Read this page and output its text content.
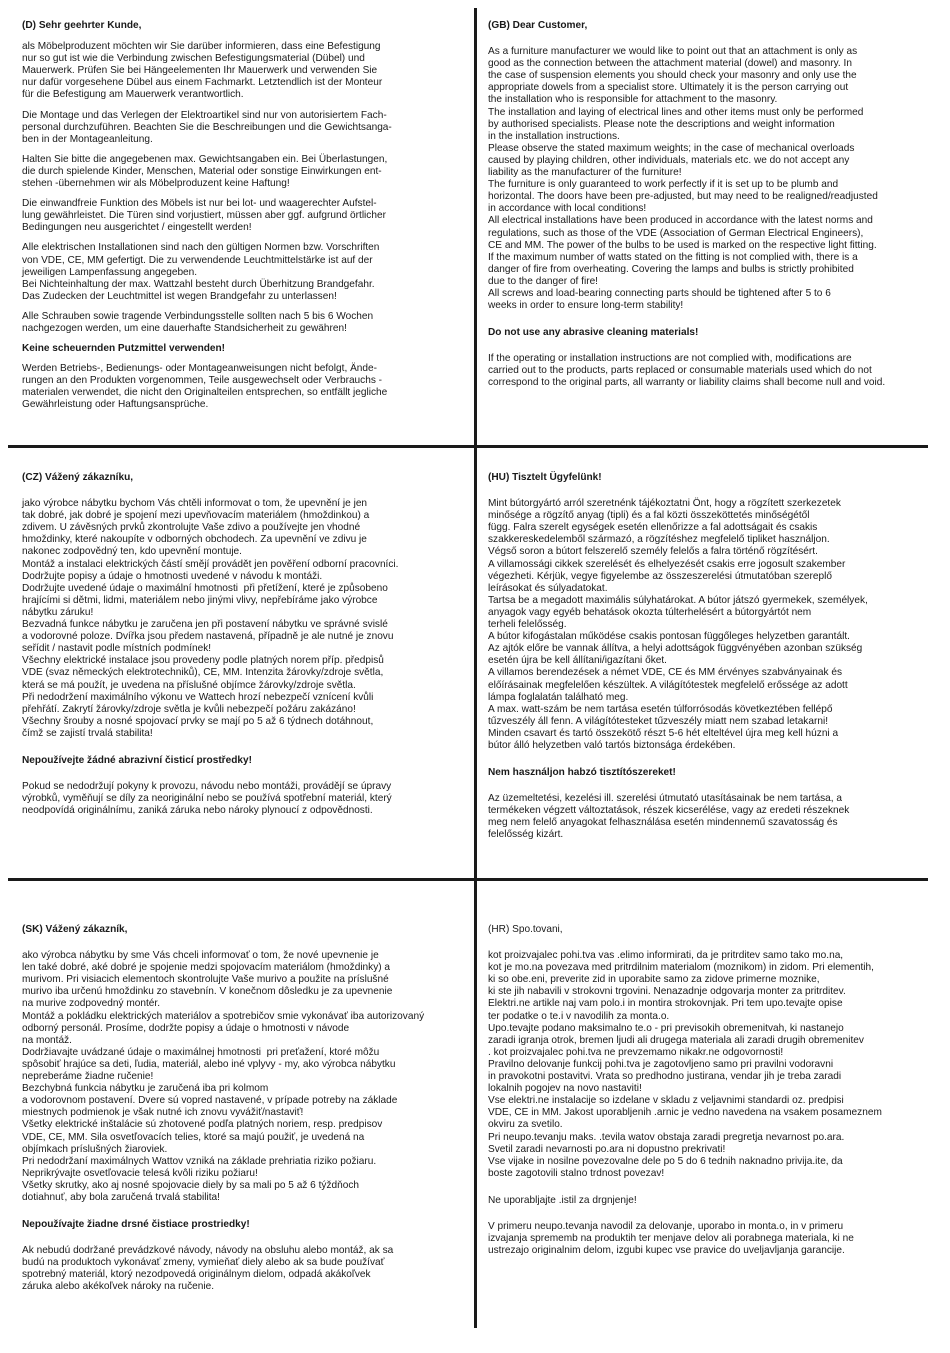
(D) Sehr geehrter Kunde,
als Möbelproduzent möchten wir Sie darüber informieren, dass eine Befestigung
nur so gut ist wie die Verbindung zwischen Befestigungsmaterial (Dübel) und
Mauerwerk. Prüfen Sie bei Hängeelementen Ihr Mauerwerk und verwenden Sie
nur dafür vorgesehene Dübel aus einem Fachmarkt. Letztendlich ist der Monteur
für die Befestigung am Mauerwerk verantwortlich.
Die Montage und das Verlegen der Elektroartikel sind nur von autorisiertem Fach-
personal durchzuführen. Beachten Sie die Beschreibungen und die Gewichtsanga-
ben in der Montageanleitung.
Halten Sie bitte die angegebenen max. Gewichtsangaben ein. Bei Überlastungen,
die durch spielende Kinder, Menschen, Material oder sonstige Einwirkungen ent-
stehen -übernehmen wir als Möbelproduzent keine Haftung!
Die einwandfreie Funktion des Möbels ist nur bei lot- und waagerechter Aufstel-
lung gewährleistet. Die Türen sind vorjustiert, müssen aber ggf. aufgrund örtlicher
Bedingungen neu ausgerichtet / eingestellt werden!
Alle elektrischen Installationen sind nach den gültigen Normen bzw. Vorschriften
von VDE, CE, MM gefertigt. Die zu verwendende Leuchtmittelstärke ist auf der
jeweiligen Lampenfassung angegeben.
Bei Nichteinhaltung der max. Wattzahl besteht durch Überhitzung Brandgefahr.
Das Zudecken der Leuchtmittel ist wegen Brandgefahr zu unterlassen!
Alle Schrauben sowie tragende Verbindungsstelle sollten nach 5 bis 6 Wochen
nachgezogen werden, um eine dauerhafte Standsicherheit zu gewähren!
Keine scheuernden Putzmittel verwenden!
Werden Betriebs-, Bedienungs- oder Montageanweisungen nicht befolgt, Ände-
rungen an den Produkten vorgenommen, Teile ausgewechselt oder Verbrauchs -
materialen verwendet, die nicht den Originalteilen entsprechen, so entfällt jegliche
Gewährleistung oder Haftungsansprüche.
(GB) Dear Customer,
As a furniture manufacturer we would like to point out that an attachment is only as
good as the connection between the attachment material (dowel) and masonry. In
the case of suspension elements you should check your masonry and only use the
appropriate dowels from a specialist store. Ultimately it is the person carrying out
the installation who is responsible for attachment to the masonry.
The installation and laying of electrical lines and other items must only be performed
by authorised specialists. Please note the descriptions and weight information
in the installation instructions.
Please observe the stated maximum weights; in the case of mechanical overloads
caused by playing children, other individuals, materials etc. we do not accept any
liability as the manufacturer of the furniture!
The furniture is only guaranteed to work perfectly if it is set up to be plumb and
horizontal. The doors have been pre-adjusted, but may need to be realigned/readjusted
in accordance with local conditions!
All electrical installations have been produced in accordance with the latest norms and
regulations, such as those of the VDE (Association of German Electrical Engineers),
CE and MM. The power of the bulbs to be used is marked on the respective light fitting.
If the maximum number of watts stated on the fitting is not complied with, there is a
danger of fire from overheating. Covering the lamps and bulbs is strictly prohibited
due to the danger of fire!
All screws and load-bearing connecting parts should be tightened after 5 to 6
weeks in order to ensure long-term stability!
Do not use any abrasive cleaning materials!
If the operating or installation instructions are not complied with, modifications are
carried out to the products, parts replaced or consumable materials used which do not
correspond to the original parts, all warranty or liability claims shall become null and void.
(CZ) Vážený zákazníku,
jako výrobce nábytku bychom Vás chtěli informovat o tom, že upevnění je jen
tak dobré, jak dobré je spojení mezi upevňovacím materiálem (hmoždinkou) a
zdivem. U závěsných prvků zkontrolujte Vaše zdivo a používejte jen vhodné
hmoždinky, které nakoupíte v odborných obchodech. Za upevnění ve zdivu je
nakonec zodpovědný ten, kdo upevnění montuje.
Montáž a instalaci elektrických částí smějí provádět jen pověření odborní pracovníci.
Dodržujte popisy a údaje o hmotnosti uvedené v návodu k montáži.
Dodržujte uvedené údaje o maximální hmotnosti  při přetížení, které je způsobeno
hrajícími si dětmi, lidmi, materiálem nebo jinými vlivy, nepřebíráme jako výrobce
nábytku záruku!
Bezvadná funkce nábytku je zaručena jen při postavení nábytku ve správné svislé
a vodorovné poloze. Dvířka jsou předem nastavená, případně je ale nutné je znovu
seřídit / nastavit podle místních podmínek!
Všechny elektrické instalace jsou provedeny podle platných norem příp. předpisů
VDE (svaz německých elektrotechniků), CE, MM. Intenzita žárovky/zdroje světla,
která se má použít, je uvedena na příslušné objímce žárovky/zdroje světla.
Při nedodržení maximálního výkonu ve Wattech hrozí nebezpečí vznícení kvůli
přehřátí. Zakrytí žárovky/zdroje světla je kvůli nebezpečí požáru zakázáno!
Všechny šrouby a nosné spojovací prvky se mají po 5 až 6 týdnech dotáhnout,
čímž se zajistí trvalá stabilita!
Nepoužívejte žádné abrazivní čisticí prostředky!
Pokud se nedodržují pokyny k provozu, návodu nebo montáži, provádějí se úpravy
výrobků, vyměňují se díly za neoriginální nebo se používá spotřební materiál, který
neodpovídá originálnímu, zaniká záruka nebo nároky plynoucí z odpovědnosti.
(HU) Tisztelt Ügyfelünk!
Mint bútorgyártó arról szeretnénk tájékoztatni Önt, hogy a rögzített szerkezetek
minősége a rögzítő anyag (tipli) és a fal közti összeköttetés minőségétől
függ. Falra szerelt egységek esetén ellenőrizze a fal adottságait és csakis
szakkereskedelemből származó, a rögzítéshez megfelelő tipliket használjon.
Végső soron a bútort felszerelő személy felelős a falra történő rögzítésért.
A villamossági cikkek szerelését és elhelyezését csakis erre jogosult szakember
végezheti. Kérjük, vegye figyelembe az összeszerelési útmutatóban szereplő
leírásokat és súlyadatokat.
Tartsa be a megadott maximális súlyhatárokat. A bútor játszó gyermekek, személyek,
anyagok vagy egyéb behatások okozta túlterhelésért a bútorgyártót nem
terheli felelősség.
A bútor kifogástalan működése csakis pontosan függőleges helyzetben garantált.
Az ajtók előre be vannak állítva, a helyi adottságok függvényében azonban szükség
esetén újra be kell állítani/igazítani őket.
A villamos berendezések a német VDE, CE és MM érvényes szabványainak és
előírásainak megfelelően készültek. A világítótestek megfelelő erőssége az adott
lámpa foglalatán található meg.
A max. watt-szám be nem tartása esetén túlforrósodás következtében fellépő
tűzveszély áll fenn. A világítótesteket tűzveszély miatt nem szabad letakarni!
Minden csavart és tartó összekötő részt 5-6 hét elteltével újra meg kell húzni a
bútor álló helyzetben való tartós biztonsága érdekében.
Nem használjon habzó tisztítószereket!
Az üzemeltetési, kezelési ill. szerelési útmutató utasításainak be nem tartása, a
termékeken végzett változtatások, részek kicserélése, vagy az eredeti részeknek
meg nem felelő anyagokat felhasználása esetén mindennemű szavatosság és
felelősség kizárt.
(SK) Vážený zákazník,
ako výrobca nábytku by sme Vás chceli informovať o tom, že nové upevnenie je
len také dobré, aké dobré je spojenie medzi spojovacím materiálom (hmoždinky) a
murivom. Pri visiacich elementoch skontrolujte Vaše murivo a použite na príslušné
murivo iba určenú hmoždinku zo stavebnín. V konečnom dôsledku je za upevnenie
na murive zodpovedný montér.
Montáž a pokládku elektrických materiálov a spotrebičov smie vykonávať iba autorizovaný
odborný personál. Prosíme, dodržte popisy a údaje o hmotnosti v návode
na montáž.
Dodržiavajte uvádzané údaje o maximálnej hmotnosti  pri preťažení, ktoré môžu
spôsobiť hrajúce sa deti, ľudia, materiál, alebo iné vplyvy - my, ako výrobca nábytku
nepreberáme žiadne ručenie!
Bezchybná funkcia nábytku je zaručená iba pri kolmom
a vodorovnom postavení. Dvere sú vopred nastavené, v prípade potreby na základe
miestnych podmienok je však nutné ich znovu vyvážiť/nastaviť!
Všetky elektrické inštalácie sú zhotovené podľa platných noriem, resp. predpisov
VDE, CE, MM. Sila osvetľovacích telies, ktoré sa majú použiť, je uvedená na
objímkach príslušných žiaroviek.
Pri nedodržaní maximálnych Wattov vzniká na základe prehriatia riziko požiaru.
Neprikrývajte osvetľovacie telesá kvôli riziku požiaru!
Všetky skrutky, ako aj nosné spojovacie diely by sa mali po 5 až 6 týždňoch
dotiahnuť, aby bola zaručená trvalá stabilita!
Nepoužívajte žiadne drsné čistiace prostriedky!
Ak nebudú dodržané prevádzkové návody, návody na obsluhu alebo montáž, ak sa
budú na produktoch vykonávať zmeny, vymieňať diely alebo ak sa bude používať
spotrebný materiál, ktorý nezodpovedá originálnym dielom, odpadá akákoľvek
záruka alebo akékoľvek nároky na ručenie.
(HR) Spo.tovani,
kot proizvajalec pohi.tva vas .elimo informirati, da je pritrditev samo tako mo.na,
kot je mo.na povezava med pritrdilnim materialom (moznikom) in zidom. Pri elementih,
ki so obe.eni, preverite zid in uporabite samo za zidove primerne moznike,
ki ste jih nabavili v strokovni trgovini. Nenazadnje odgovarja monter za pritrditev.
Elektri.ne artikle naj vam polo.i in montira strokovnjak. Pri tem upo.tevajte opise
ter podatke o te.i v navodilih za monta.o.
Upo.tevajte podano maksimalno te.o - pri previsokih obremenitvah, ki nastanejo
zaradi igranja otrok, bremen ljudi ali drugega materiala ali zaradi drugih obremenitev
. kot proizvajalec pohi.tva ne prevzemamo nikakr.ne odgovornosti!
Pravilno delovanje funkcij pohi.tva je zagotovljeno samo pri pravilni vodoravni
in pravokotni postavitvi. Vrata so predhodno justirana, vendar jih je treba zaradi
lokalnih pogojev na novo nastaviti!
Vse elektri.ne instalacije so izdelane v skladu z veljavnimi standardi oz. predpisi
VDE, CE in MM. Jakost uporabljenih .arnic je vedno navedena na vsakem posameznem
okviru za svetilo.
Pri neupo.tevanju maks. .tevila watov obstaja zaradi pregretja nevarnost po.ara.
Svetil zaradi nevarnosti po.ara ni dopustno prekrivati!
Vse vijake in nosilne povezovalne dele po 5 do 6 tednih naknadno privija.ite, da
boste zagotovili stalno trdnost povezav!
Ne uporabljajte .istil za drgnjenje!
V primeru neupo.tevanja navodil za delovanje, uporabo in monta.o, in v primeru
izvajanja sprememb na produktih ter menjave delov ali porabnega materiala, ki ne
ustrezajo originalnim delom, izgubi kupec vse pravice do uveljavljanja garancije.
